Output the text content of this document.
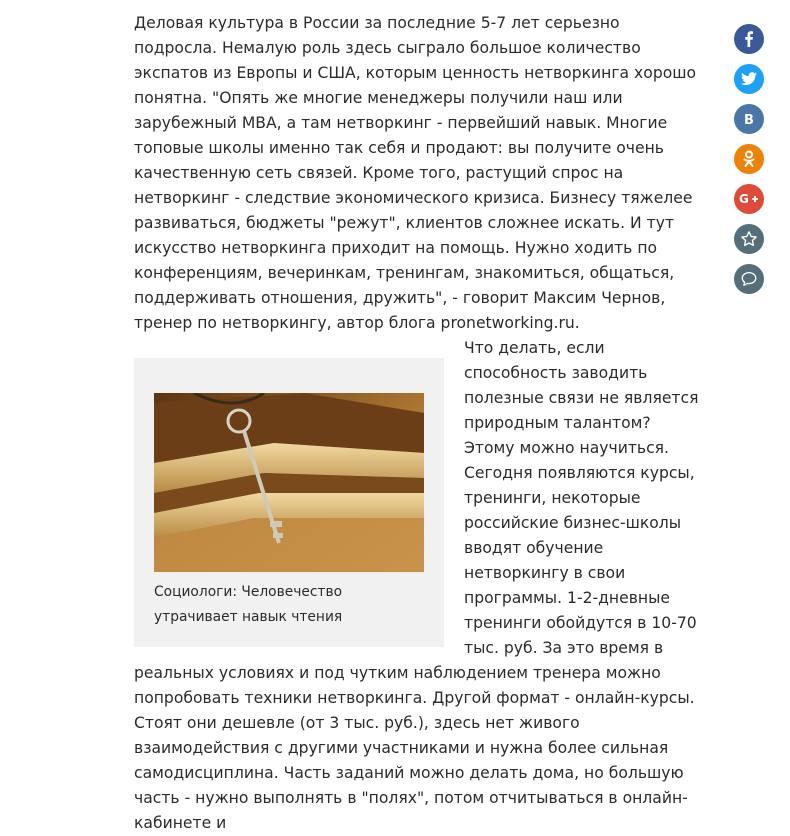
Деловая культура в России за последние 5-7 лет серьезно подросла. Немалую роль здесь сыграло большое количество экспатов из Европы и США, которым ценность нетворкинга хорошо понятна. "Опять же многие менеджеры получили наш или зарубежный MBA, а там нетворкинг - первейший навык. Многие топовые школы именно так себя и продают: вы получите очень качественную сеть связей. Кроме того, растущий спрос на нетворкинг - следствие экономического кризиса. Бизнесу тяжелее развиваться, бюджеты "режут", клиентов сложнее искать. И тут искусство нетворкинга приходит на помощь. Нужно ходить по конференциям, вечеринкам, тренингам, знакомиться, общаться, поддерживать отношения, дружить", - говорит Максим Чернов, тренер по нетворкингу, автор блога pronetworking.ru.

Социологи: Человечество утрачивает навык чтения

Что делать, если способность заводить полезные связи не является природным талантом? Этому можно научиться. Сегодня появляются курсы, тренинги, некоторые российские бизнес-школы вводят обучение нетворкингу в свои программы. 1-2-дневные тренинги обойдутся в 10-70 тыс. руб. За это время в реальных условиях и под чутким наблюдением тренера можно попробовать техники нетворкинга. Другой формат - онлайн-курсы. Стоят они дешевле (от 3 тыс. руб.), здесь нет живого взаимодействия с другими участниками и нужна более сильная самодисциплина. Часть заданий можно делать дома, но большую часть - нужно выполнять в "полях", потом отчитываться в онлайн-кабинете и

B
G
